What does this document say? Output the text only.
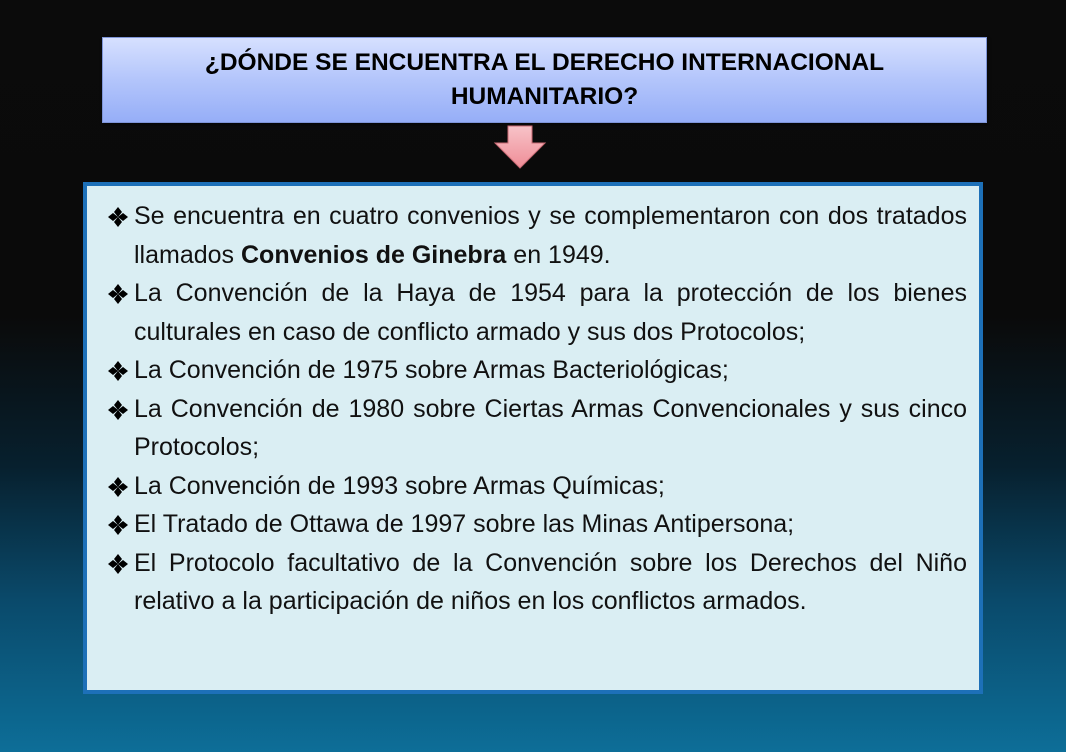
¿DÓNDE SE ENCUENTRA EL DERECHO INTERNACIONAL
HUMANITARIO?
Se encuentra en cuatro convenios y se complementaron con dos tratados llamados Convenios de Ginebra en 1949.
La Convención de la Haya de 1954 para la protección de los bienes culturales en caso de conflicto armado y sus dos Protocolos;
La Convención de 1975 sobre Armas Bacteriológicas;
La Convención de 1980 sobre Ciertas Armas Convencionales y sus cinco Protocolos;
La Convención de 1993 sobre Armas Químicas;
El Tratado de Ottawa de 1997 sobre las Minas Antipersona;
El Protocolo facultativo de la Convención sobre los Derechos del Niño relativo a la participación de niños en los conflictos armados.
